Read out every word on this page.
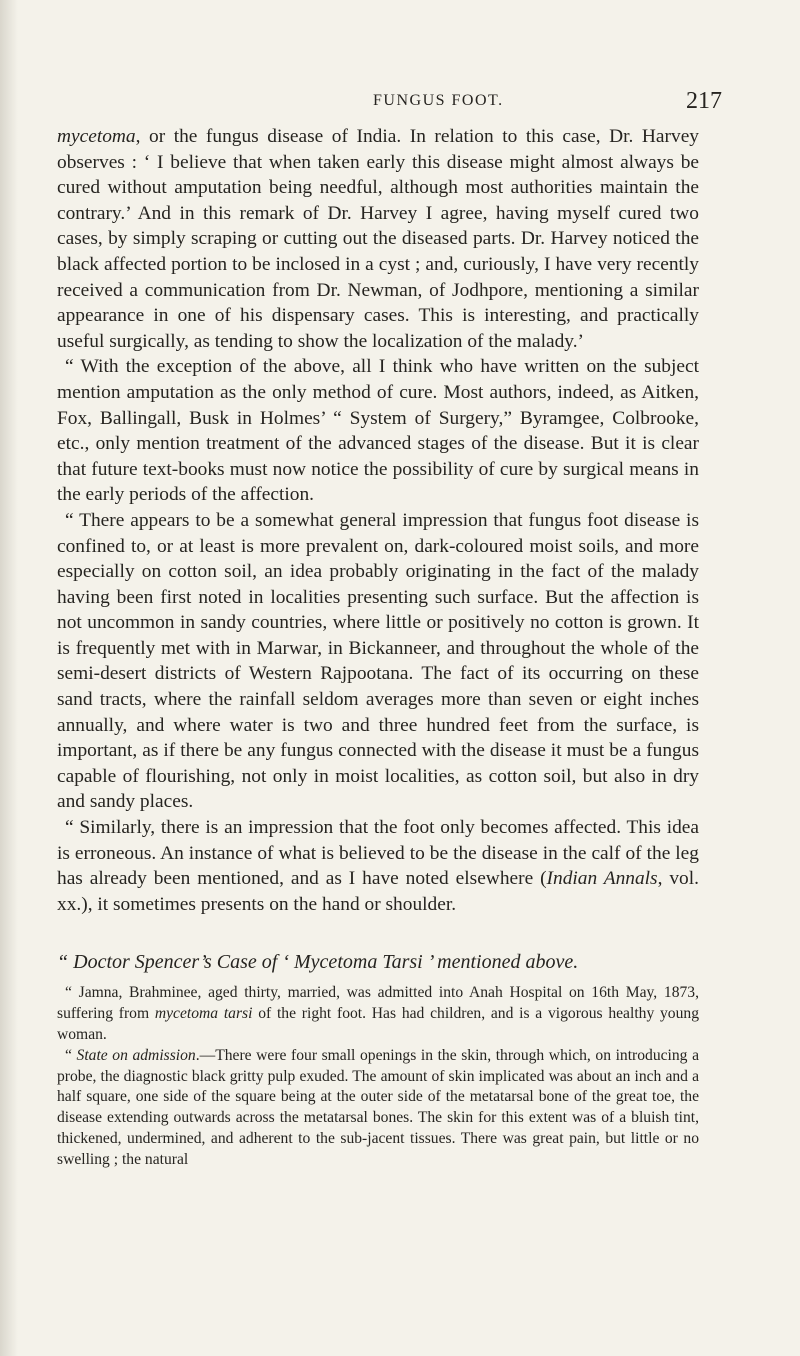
FUNGUS FOOT.	217

mycetoma, or the fungus disease of India. In relation to this case, Dr. Harvey observes : ‘ I believe that when taken early this disease might almost always be cured without amputation being needful, although most authorities maintain the contrary.’ And in this remark of Dr. Harvey I agree, having myself cured two cases, by simply scraping or cutting out the diseased parts. Dr. Harvey noticed the black affected portion to be inclosed in a cyst ; and, curiously, I have very recently received a communication from Dr. Newman, of Jodhpore, mentioning a similar appearance in one of his dispensary cases. This is interesting, and practically useful surgically, as tending to show the localization of the malady.’

“ With the exception of the above, all I think who have written on the subject mention amputation as the only method of cure. Most authors, indeed, as Aitken, Fox, Ballingall, Busk in Holmes’ “ System of Surgery,” Byramgee, Colbrooke, etc., only mention treatment of the advanced stages of the disease. But it is clear that future text-books must now notice the possibility of cure by surgical means in the early periods of the affection.

“ There appears to be a somewhat general impression that fungus foot disease is confined to, or at least is more prevalent on, dark-coloured moist soils, and more especially on cotton soil, an idea probably originating in the fact of the malady having been first noted in localities presenting such surface. But the affection is not uncommon in sandy countries, where little or positively no cotton is grown. It is frequently met with in Marwar, in Bickanneer, and throughout the whole of the semi-desert districts of Western Rajpootana. The fact of its occurring on these sand tracts, where the rainfall seldom averages more than seven or eight inches annually, and where water is two and three hundred feet from the surface, is important, as if there be any fungus connected with the disease it must be a fungus capable of flourishing, not only in moist localities, as cotton soil, but also in dry and sandy places.

“ Similarly, there is an impression that the foot only becomes affected. This idea is erroneous. An instance of what is believed to be the disease in the calf of the leg has already been mentioned, and as I have noted elsewhere (Indian Annals, vol. xx.), it sometimes presents on the hand or shoulder.

“ Doctor Spencer’s Case of ‘ Mycetoma Tarsi ’ mentioned above.

“ Jamna, Brahminee, aged thirty, married, was admitted into Anah Hospital on 16th May, 1873, suffering from mycetoma tarsi of the right foot. Has had children, and is a vigorous healthy young woman.

“ State on admission.—There were four small openings in the skin, through which, on introducing a probe, the diagnostic black gritty pulp exuded. The amount of skin implicated was about an inch and a half square, one side of the square being at the outer side of the metatarsal bone of the great toe, the disease extending outwards across the metatarsal bones. The skin for this extent was of a bluish tint, thickened, undermined, and adherent to the sub-jacent tissues. There was great pain, but little or no swelling ; the natural
